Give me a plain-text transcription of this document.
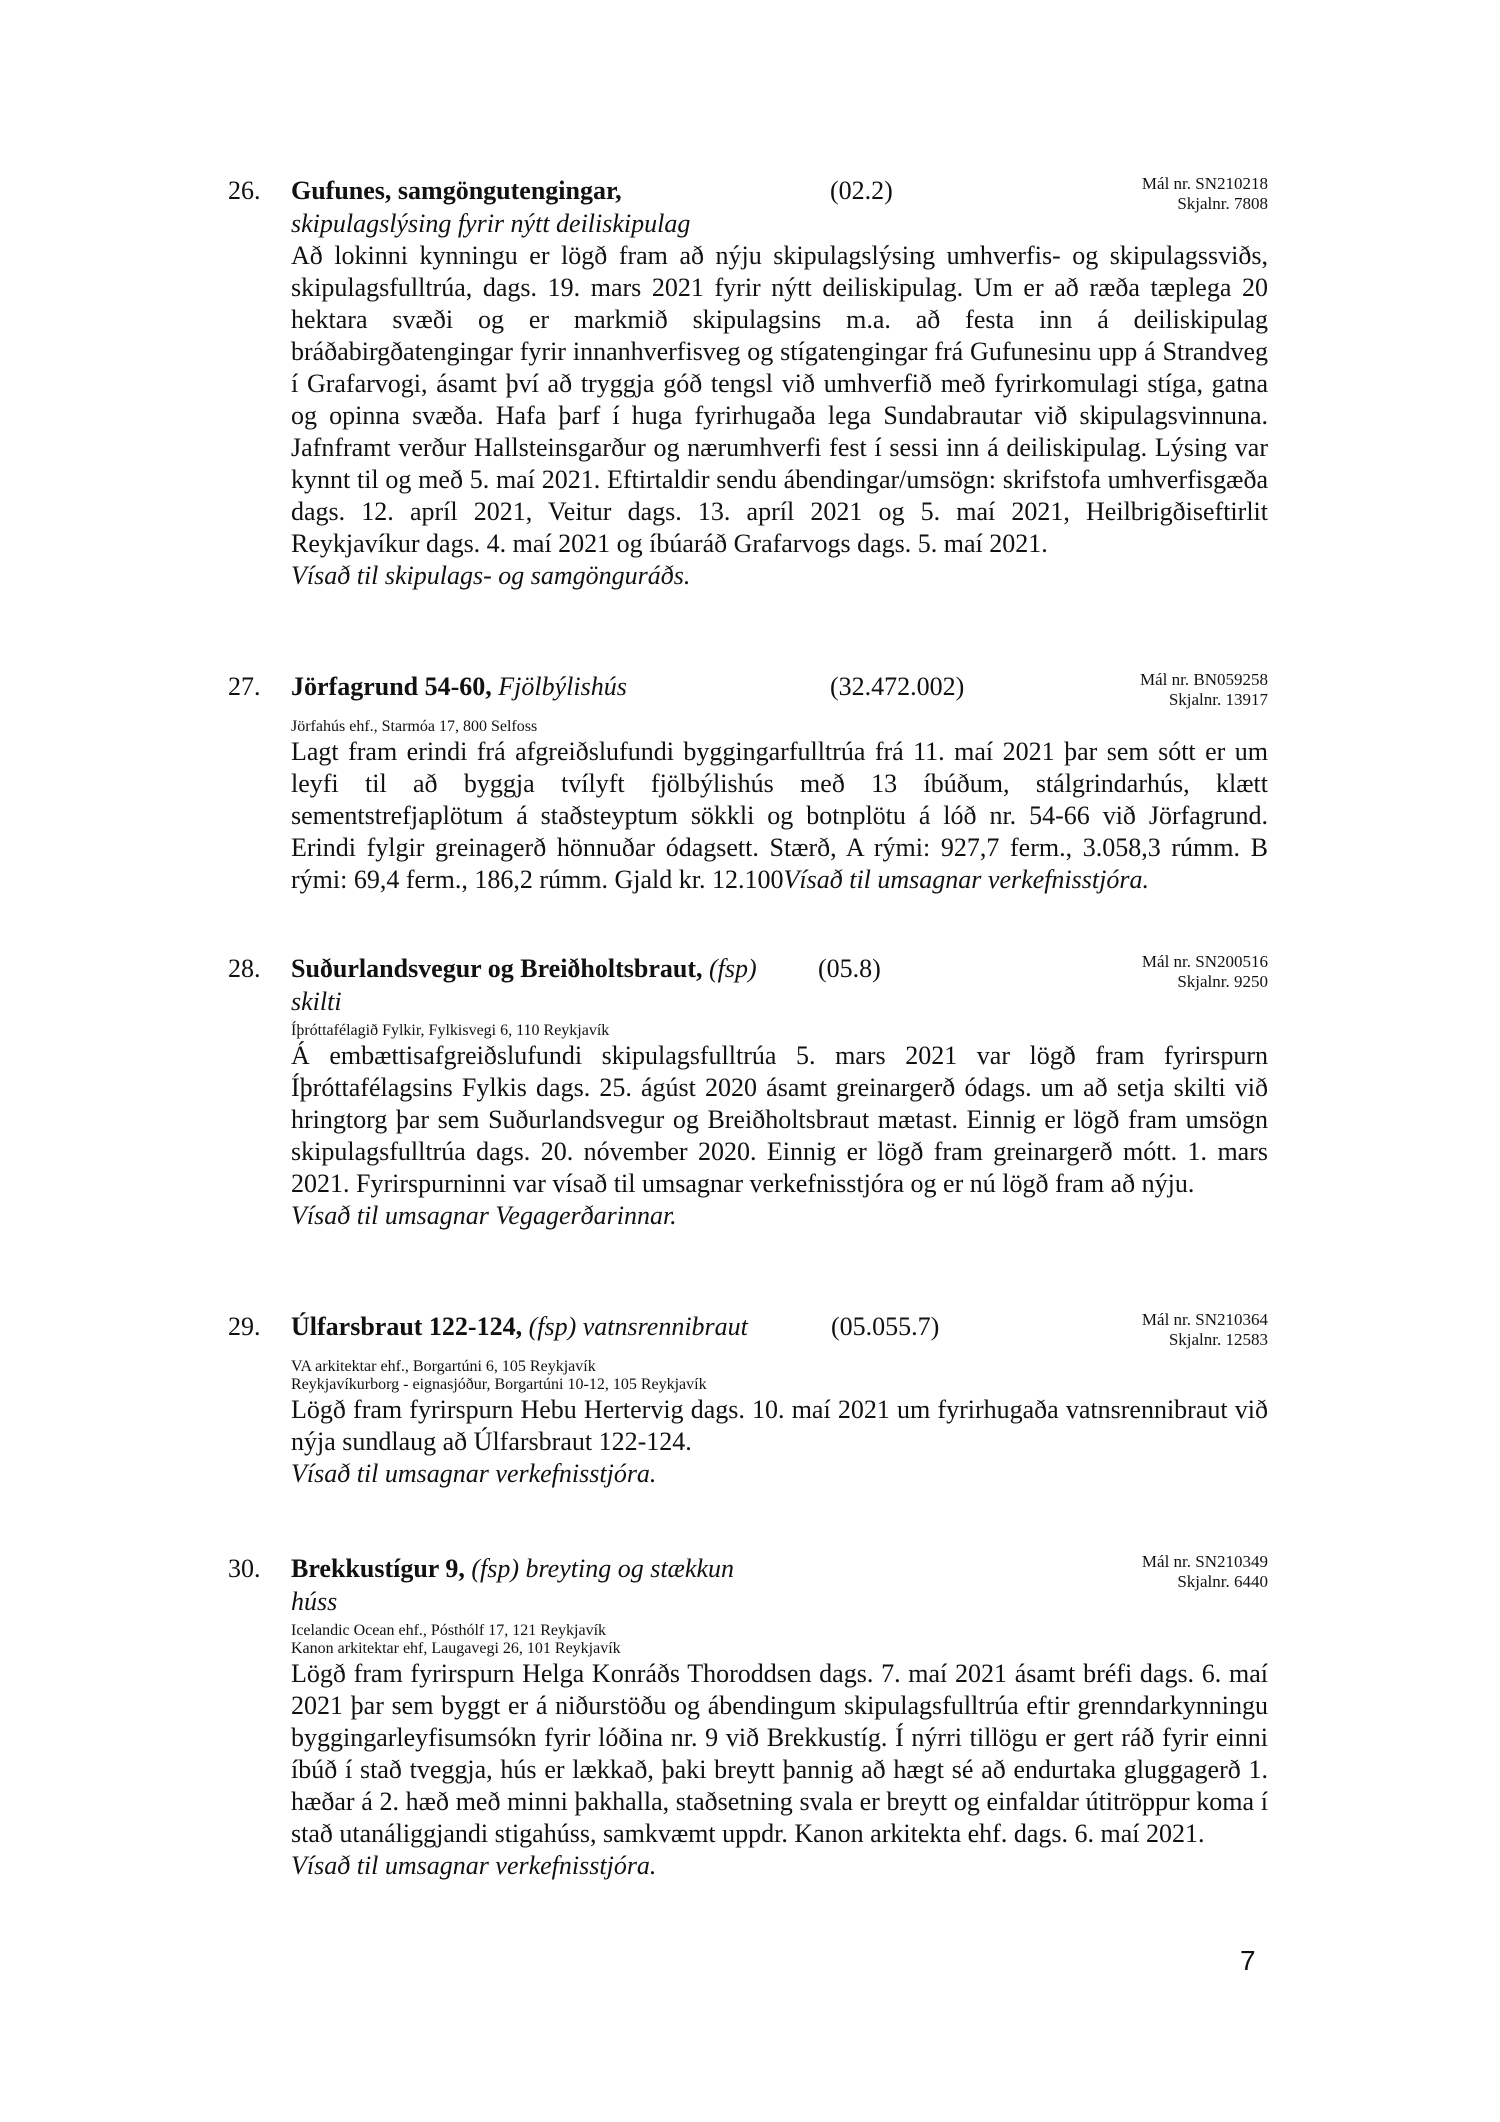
26. Gufunes, samgöngutengingar,	(02.2)	Mál nr. SN210218
Skjalnr. 7808
skipulagslýsing fyrir nýtt deiliskipulag
Að lokinni kynningu er lögð fram að nýju skipulagslýsing umhverfis- og skipulagssviðs, skipulagsfulltrúa, dags. 19. mars 2021 fyrir nýtt deiliskipulag. Um er að ræða tæplega 20 hektara svæði og er markmið skipulagsins m.a. að festa inn á deiliskipulag bráðabirgðatengingar fyrir innanhverfisveg og stígatengingar frá Gufunesinu upp á Strandveg í Grafarvogi, ásamt því að tryggja góð tengsl við umhverfið með fyrirkomulagi stíga, gatna og opinna svæða. Hafa þarf í huga fyrirhugaða lega Sundabrautar við skipulagsvinnuna. Jafnframt verður Hallsteinsgarður og nærumhverfi fest í sessi inn á deiliskipulag. Lýsing var kynnt til og með 5. maí 2021. Eftirtaldir sendu ábendingar/umsögn: skrifstofa umhverfisgæða dags. 12. apríl 2021, Veitur dags. 13. apríl 2021 og 5. maí 2021, Heilbrigðiseftirlit Reykjavíkur dags. 4. maí 2021 og íbúaráð Grafarvogs dags. 5. maí 2021.
Vísað til skipulags- og samgönguráðs.
27. Jörfagrund 54-60, Fjölbýlishús	(32.472.002)	Mál nr. BN059258
Skjalnr. 13917
Jörfahús ehf., Starmóa 17, 800 Selfoss
Lagt fram erindi frá afgreiðslufundi byggingarfulltrúa frá 11. maí 2021 þar sem sótt er um leyfi til að byggja tvílyft fjölbýlishús með 13 íbúðum, stálgrindarhús, klætt sementstrefjaplötum á staðsteyptum sökkli og botnplötu á lóð nr. 54-66 við Jörfagrund. Erindi fylgir greinagerð hönnuðar ódagsett. Stærð, A rými: 927,7 ferm., 3.058,3 rúmm. B rými: 69,4 ferm., 186,2 rúmm. Gjald kr. 12.100Vísað til umsagnar verkefnisstjóra.
28. Suðurlandsvegur og Breiðholtsbraut, (fsp) (05.8)	Mál nr. SN200516
Skjalnr. 9250
skilti
Íþróttafélagið Fylkir, Fylkisvegi 6, 110 Reykjavík
Á embættisafgreiðslufundi skipulagsfulltrúa 5. mars 2021 var lögð fram fyrirspurn Íþróttafélagsins Fylkis dags. 25. ágúst 2020 ásamt greinargerð ódags. um að setja skilti við hringtorg þar sem Suðurlandsvegur og Breiðholtsbraut mætast. Einnig er lögð fram umsögn skipulagsfulltrúa dags. 20. nóvember 2020. Einnig er lögð fram greinargerð mótt. 1. mars 2021. Fyrirspurninni var vísað til umsagnar verkefnisstjóra og er nú lögð fram að nýju.
Vísað til umsagnar Vegagerðarinnar.
29. Úlfarsbraut 122-124, (fsp) vatnsrennibraut	(05.055.7)	Mál nr. SN210364
Skjalnr. 12583
VA arkitektar ehf., Borgartúni 6, 105 Reykjavík
Reykjavíkurborg - eignasjóður, Borgartúni 10-12, 105 Reykjavík
Lögð fram fyrirspurn Hebu Hertervig dags. 10. maí 2021 um fyrirhugaða vatnsrennibraut við nýja sundlaug að Úlfarsbraut 122-124.
Vísað til umsagnar verkefnisstjóra.
30. Brekkustígur 9, (fsp) breyting og stækkun	Mál nr. SN210349
Skjalnr. 6440
húss
Icelandic Ocean ehf., Pósthólf 17, 121 Reykjavík
Kanon arkitektar ehf, Laugavegi 26, 101 Reykjavík
Lögð fram fyrirspurn Helga Konráðs Thoroddsen dags. 7. maí 2021 ásamt bréfi dags. 6. maí 2021 þar sem byggt er á niðurstöðu og ábendingum skipulagsfulltrúa eftir grenndarkynningu byggingarleyfisumsókn fyrir lóðina nr. 9 við Brekkustíg. Í nýrri tillögu er gert ráð fyrir einni íbúð í stað tveggja, hús er lækkað, þaki breytt þannig að hægt sé að endurtaka gluggagerð 1. hæðar á 2. hæð með minni þakhalla, staðsetning svala er breytt og einfaldar útitröppur koma í stað utanáliggjandi stigahúss, samkvæmt uppdr. Kanon arkitekta ehf. dags. 6. maí 2021.
Vísað til umsagnar verkefnisstjóra.
7
